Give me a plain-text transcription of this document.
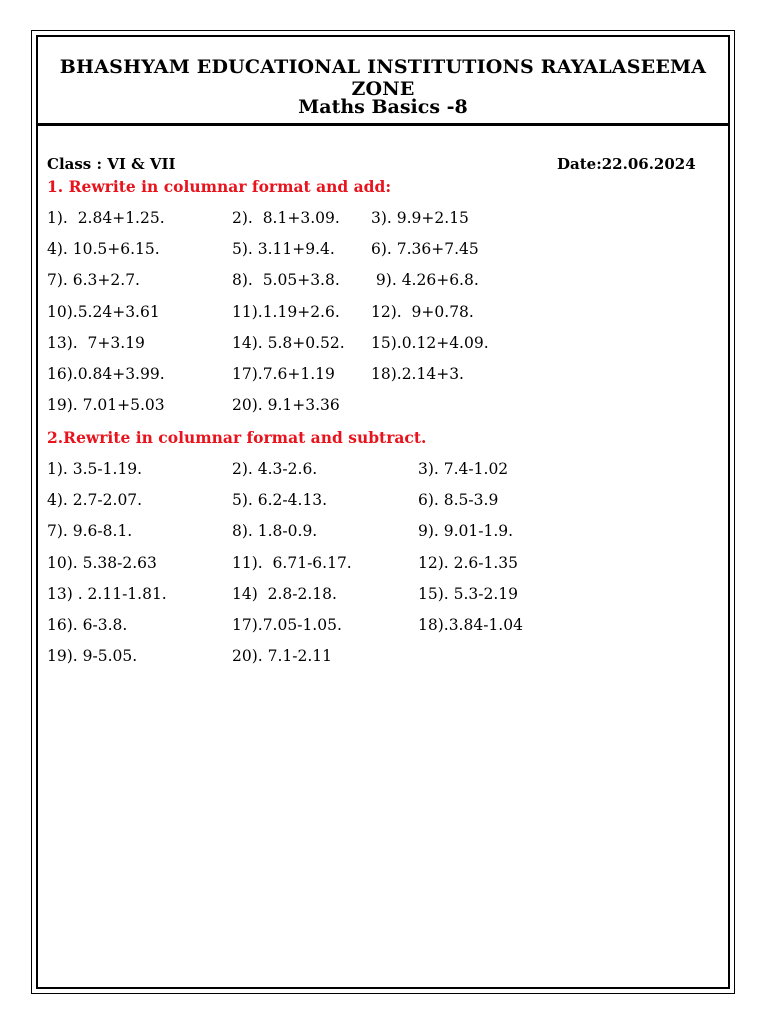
BHASHYAM EDUCATIONAL INSTITUTIONS RAYALASEEMA ZONE
Maths Basics -8
Class : VI & VII	Date:22.06.2024
1. Rewrite in columnar format and add:
1).  2.84+1.25.	2).  8.1+3.09. 3). 9.9+2.15
4). 10.5+6.15.	5). 3.11+9.4. 6). 7.36+7.45
7). 6.3+2.7.	8).  5.05+3.8. 9). 4.26+6.8.
10).5.24+3.61	11).1.19+2.6. 12).  9+0.78.
13).  7+3.19	14). 5.8+0.52. 15).0.12+4.09.
16).0.84+3.99.	17).7.6+1.19 18).2.14+3.
19). 7.01+5.03	20). 9.1+3.36
2.Rewrite in columnar format and subtract.
1). 3.5-1.19.	2). 4.3-2.6.	3). 7.4-1.02
4). 2.7-2.07.	5). 6.2-4.13.	6). 8.5-3.9
7). 9.6-8.1.	8). 1.8-0.9.	9). 9.01-1.9.
10). 5.38-2.63	11).  6.71-6.17.	12). 2.6-1.35
13) . 2.11-1.81.	14)  2.8-2.18.	15). 5.3-2.19
16). 6-3.8.	17).7.05-1.05.	18).3.84-1.04
19). 9-5.05.	20). 7.1-2.11
